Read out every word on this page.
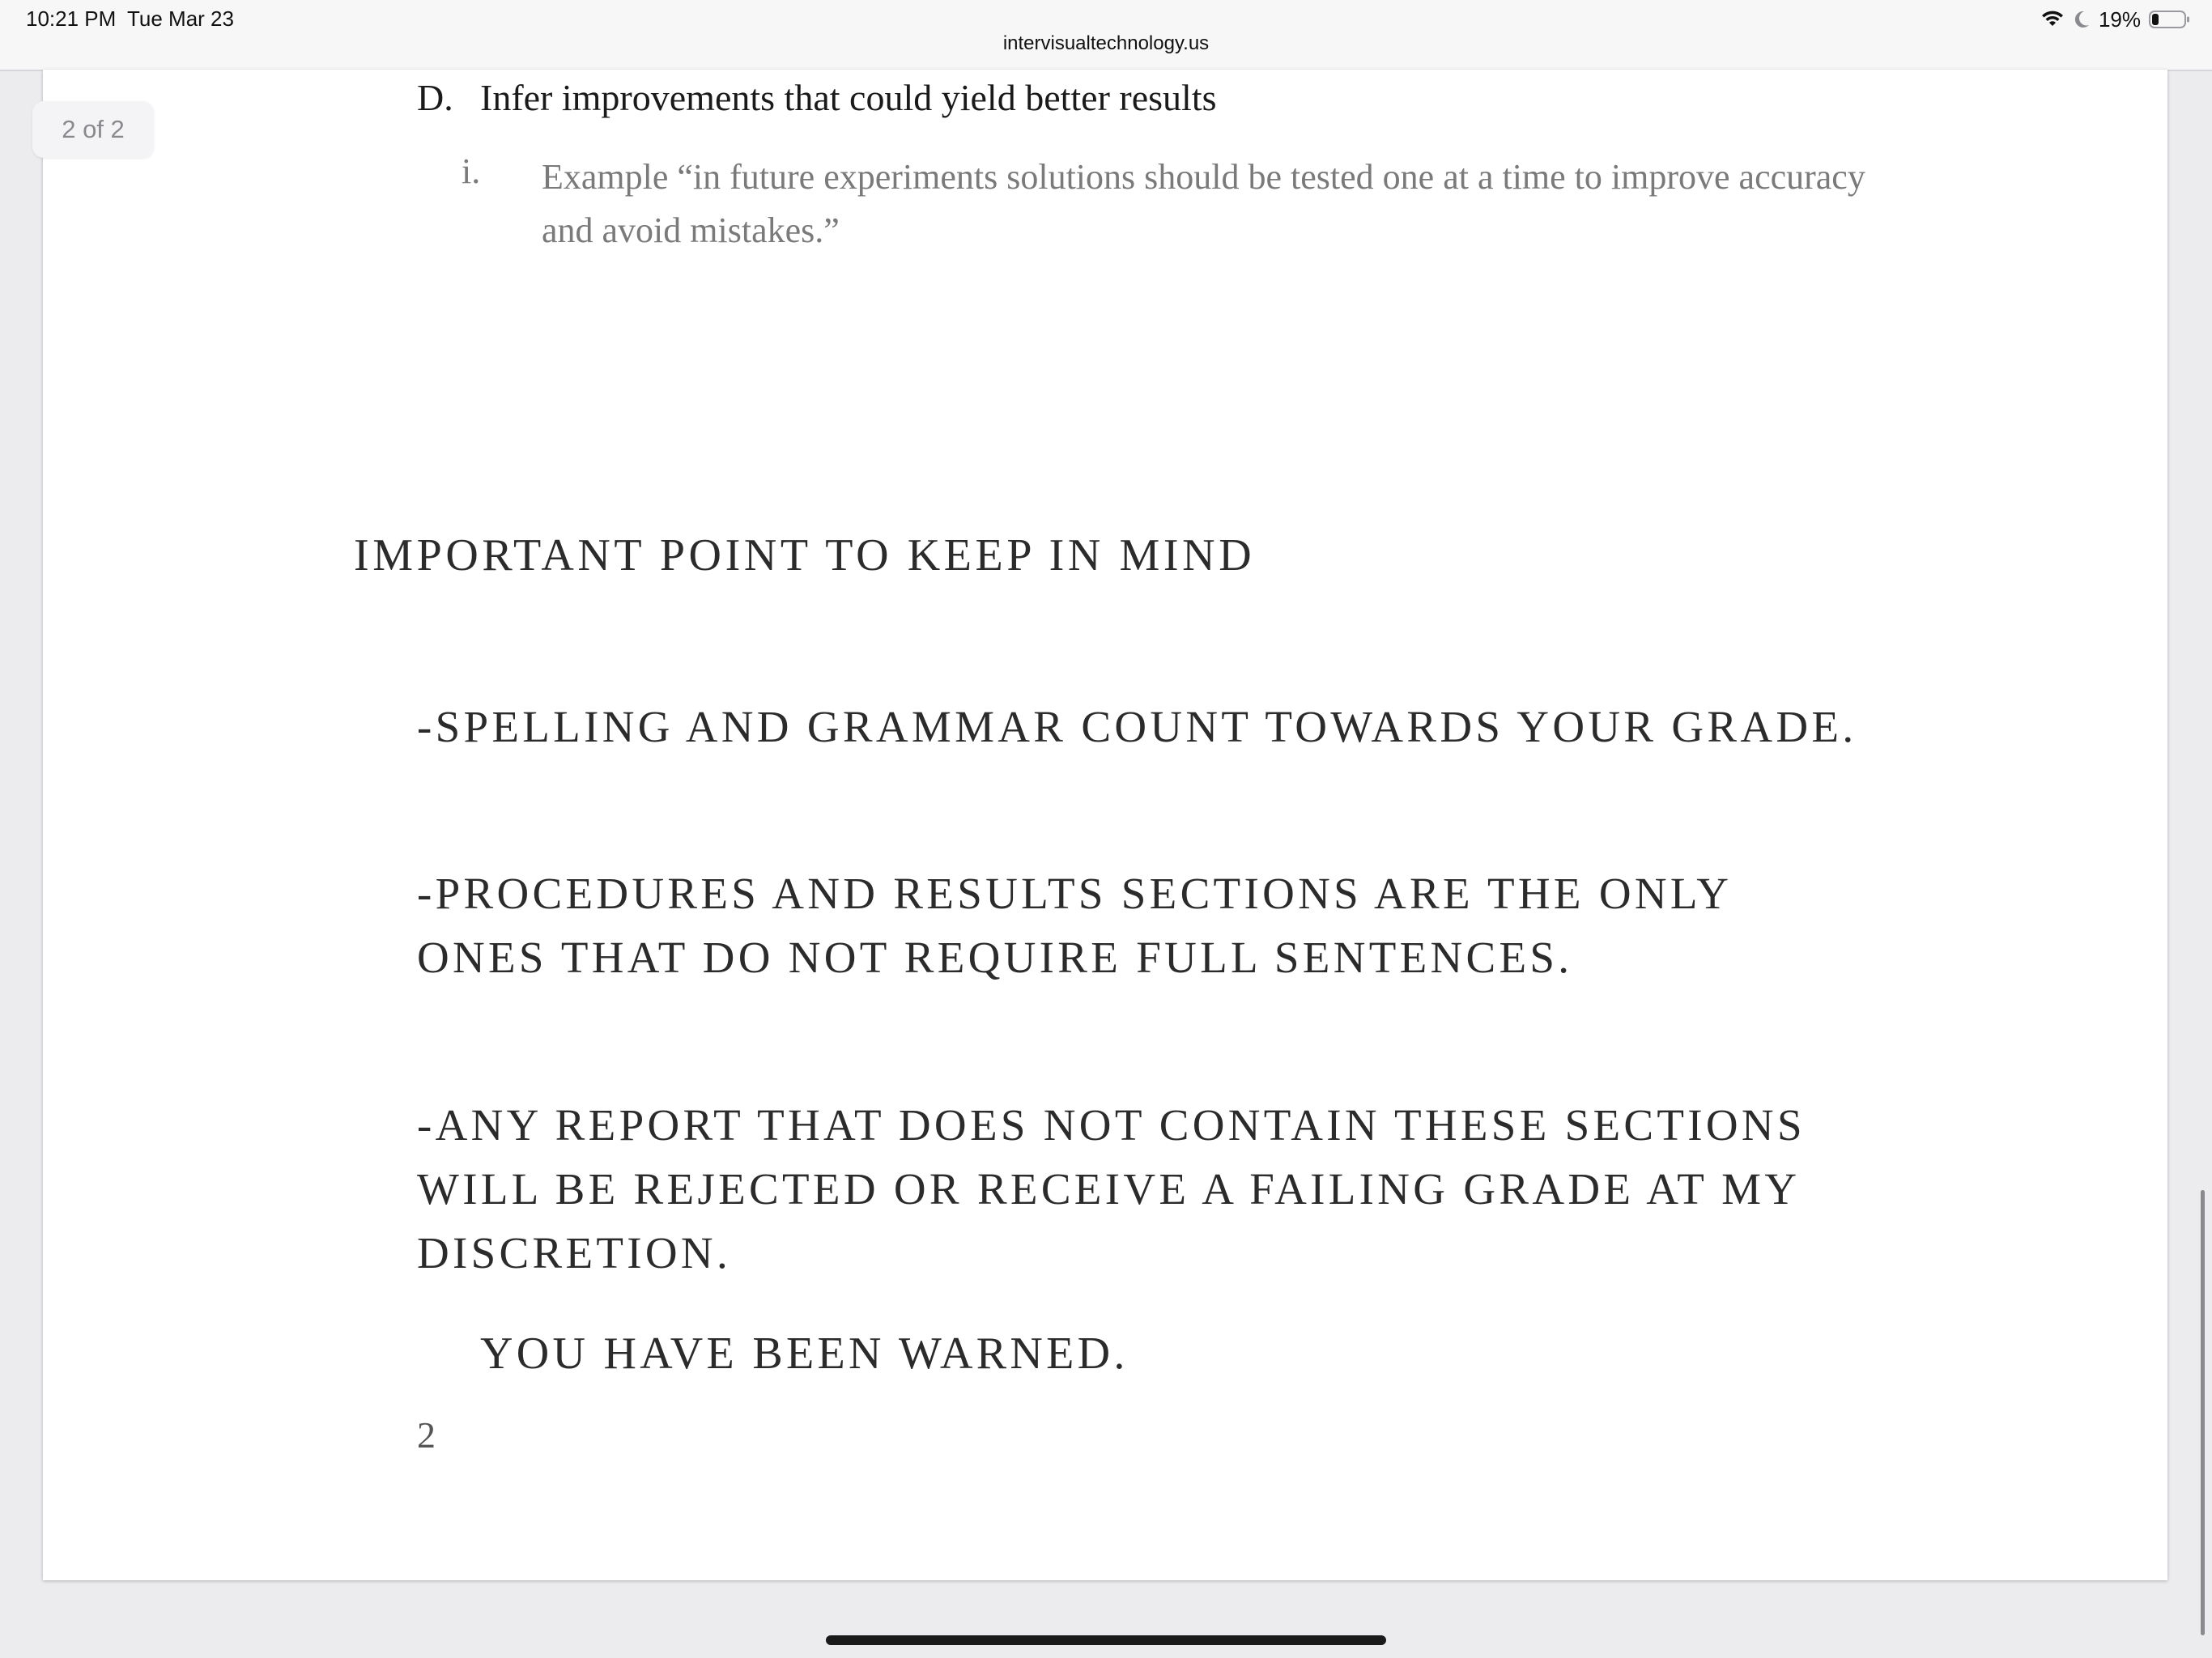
10:21 PM Tue Mar 23
intervisualtechnology.us
19%
2 of 2
D. Infer improvements that could yield better results
i. Example “in future experiments solutions should be tested one at a time to improve accuracy and avoid mistakes.”
IMPORTANT POINT TO KEEP IN MIND
-SPELLING AND GRAMMAR COUNT TOWARDS YOUR GRADE.
-PROCEDURES AND RESULTS SECTIONS ARE THE ONLY ONES THAT DO NOT REQUIRE FULL SENTENCES.
-ANY REPORT THAT DOES NOT CONTAIN THESE SECTIONS WILL BE REJECTED OR RECEIVE A FAILING GRADE AT MY DISCRETION.
YOU HAVE BEEN WARNED.
2
